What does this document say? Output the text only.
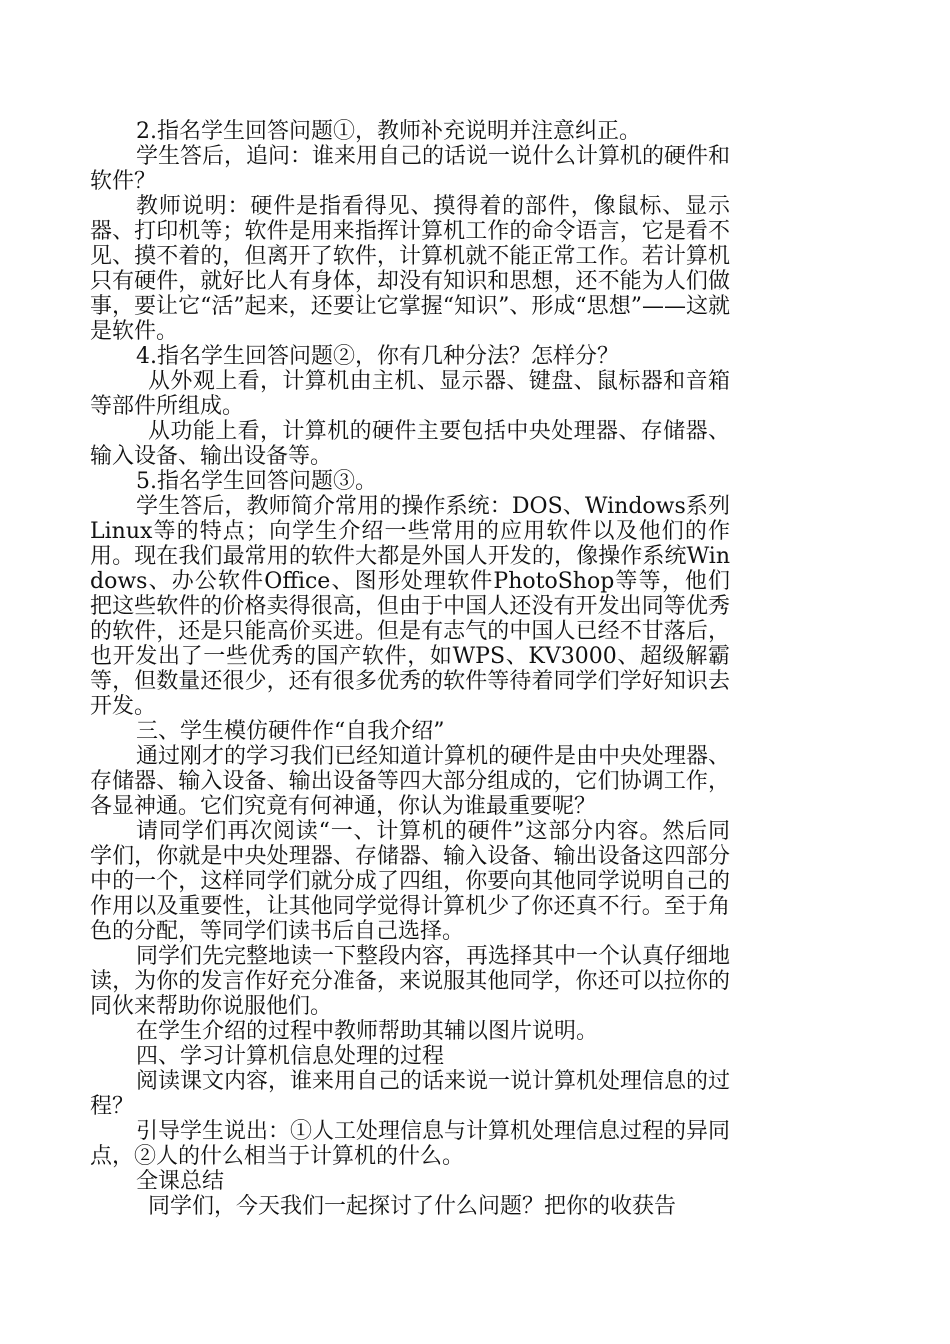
2.指名学生回答问题①，教师补充说明并注意纠正。

学生答后，追问：谁来用自己的话说一说什么计算机的硬件和软件？

教师说明：硬件是指看得见、摸得着的部件，像鼠标、显示器、打印机等；软件是用来指挥计算机工作的命令语言，它是看不见、摸不着的，但离开了软件，计算机就不能正常工作。若计算机只有硬件，就好比人有身体，却没有知识和思想，还不能为人们做事，要让它“活”起来，还要让它掌握“知识”、形成“思想”——这就是软件。

4.指名学生回答问题②，你有几种分法？怎样分？

从外观上看，计算机由主机、显示器、键盘、鼠标器和音箱等部件所组成。

从功能上看，计算机的硬件主要包括中央处理器、存储器、输入设备、输出设备等。

5.指名学生回答问题③。

学生答后，教师简介常用的操作系统：DOS、Windows系列Linux等的特点；向学生介绍一些常用的应用软件以及他们的作用。现在我们最常用的软件大都是外国人开发的，像操作系统Windows、办公软件Office、图形处理软件PhotoShop等等，他们把这些软件的价格卖得很高，但由于中国人还没有开发出同等优秀的软件，还是只能高价买进。但是有志气的中国人已经不甘落后，也开发出了一些优秀的国产软件，如WPS、KV3000、超级解霸等，但数量还很少，还有很多优秀的软件等待着同学们学好知识去开发。

三、学生模仿硬件作“自我介绍”

通过刚才的学习我们已经知道计算机的硬件是由中央处理器、存储器、输入设备、输出设备等四大部分组成的，它们协调工作，各显神通。它们究竟有何神通，你认为谁最重要呢？

请同学们再次阅读“一、计算机的硬件”这部分内容。然后同学们，你就是中央处理器、存储器、输入设备、输出设备这四部分中的一个，这样同学们就分成了四组，你要向其他同学说明自己的作用以及重要性，让其他同学觉得计算机少了你还真不行。至于角色的分配，等同学们读书后自己选择。

同学们先完整地读一下整段内容，再选择其中一个认真仔细地读，为你的发言作好充分准备，来说服其他同学，你还可以拉你的同伙来帮助你说服他们。

在学生介绍的过程中教师帮助其辅以图片说明。

四、学习计算机信息处理的过程

阅读课文内容，谁来用自己的话来说一说计算机处理信息的过程？

引导学生说出：①人工处理信息与计算机处理信息过程的异同点，②人的什么相当于计算机的什么。

全课总结

同学们，今天我们一起探讨了什么问题？把你的收获告
